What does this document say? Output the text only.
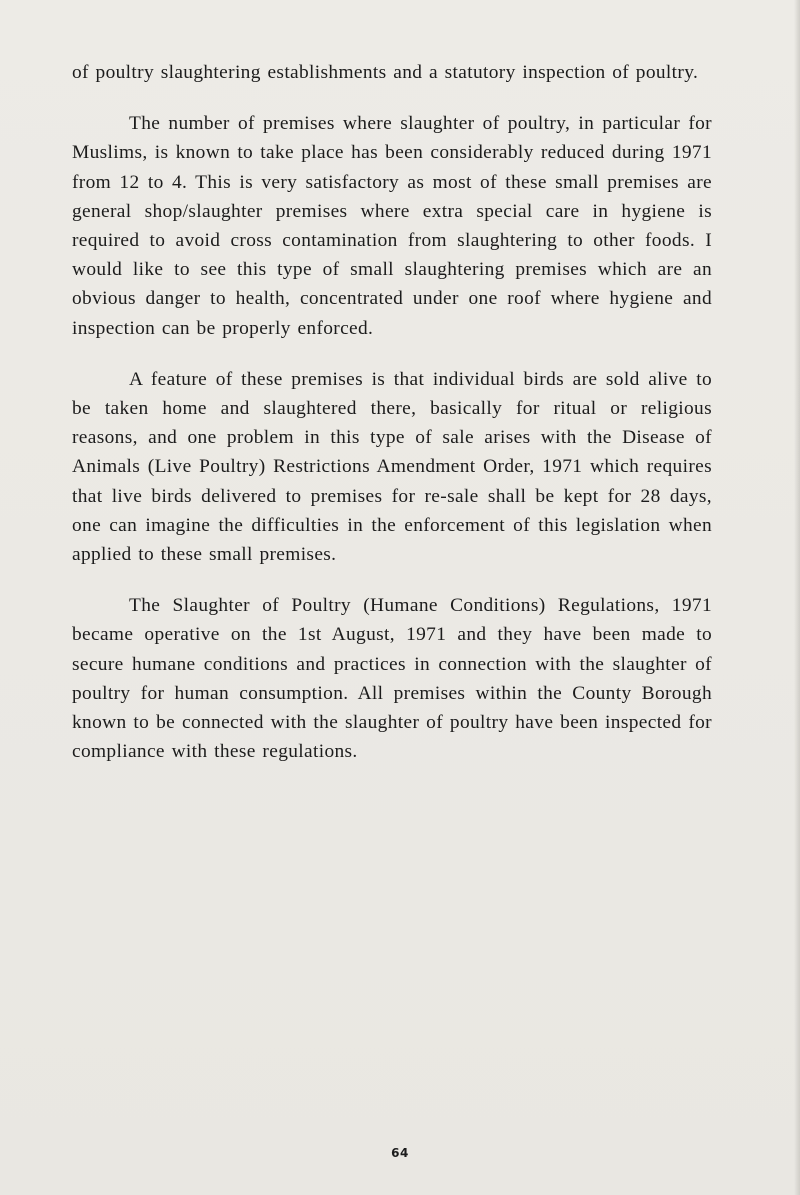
of poultry slaughtering establishments and a statutory inspection of poultry.

The number of premises where slaughter of poultry, in particular for Muslims, is known to take place has been considerably reduced during 1971 from 12 to 4. This is very satisfactory as most of these small premises are general shop/slaughter premises where extra special care in hygiene is required to avoid cross contamination from slaughtering to other foods. I would like to see this type of small slaughtering premises which are an obvious danger to health, concentrated under one roof where hygiene and inspection can be properly enforced.

A feature of these premises is that individual birds are sold alive to be taken home and slaughtered there, basically for ritual or religious reasons, and one problem in this type of sale arises with the Disease of Animals (Live Poultry) Restrictions Amendment Order, 1971 which requires that live birds delivered to premises for re-sale shall be kept for 28 days, one can imagine the difficulties in the enforcement of this legislation when applied to these small premises.

The Slaughter of Poultry (Humane Conditions) Regulations, 1971 became operative on the 1st August, 1971 and they have been made to secure humane conditions and practices in connection with the slaughter of poultry for human consumption. All premises within the County Borough known to be connected with the slaughter of poultry have been inspected for compliance with these regulations.

64
